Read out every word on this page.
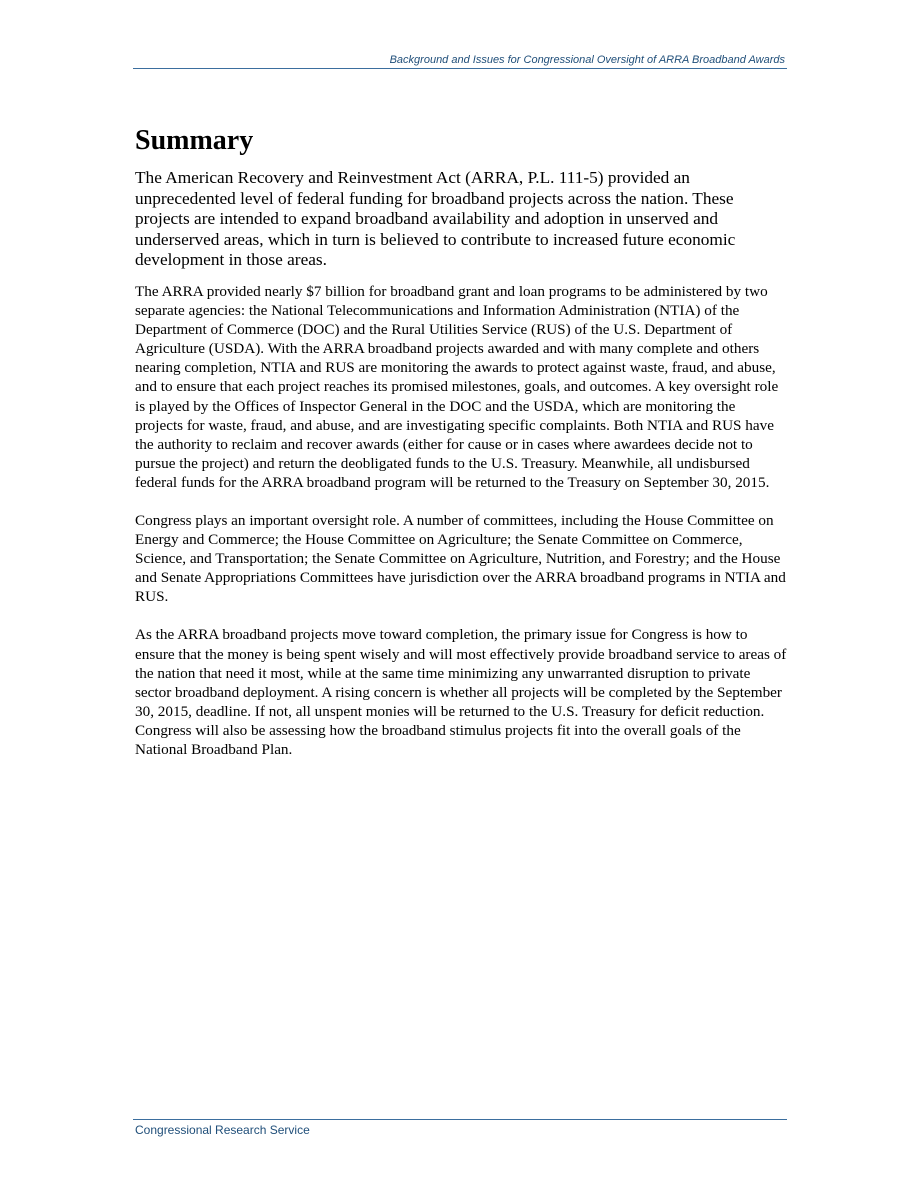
Background and Issues for Congressional Oversight of ARRA Broadband Awards
Summary

The American Recovery and Reinvestment Act (ARRA, P.L. 111-5) provided an unprecedented level of federal funding for broadband projects across the nation. These projects are intended to expand broadband availability and adoption in unserved and underserved areas, which in turn is believed to contribute to increased future economic development in those areas.

The ARRA provided nearly $7 billion for broadband grant and loan programs to be administered by two separate agencies: the National Telecommunications and Information Administration (NTIA) of the Department of Commerce (DOC) and the Rural Utilities Service (RUS) of the U.S. Department of Agriculture (USDA). With the ARRA broadband projects awarded and with many complete and others nearing completion, NTIA and RUS are monitoring the awards to protect against waste, fraud, and abuse, and to ensure that each project reaches its promised milestones, goals, and outcomes. A key oversight role is played by the Offices of Inspector General in the DOC and the USDA, which are monitoring the projects for waste, fraud, and abuse, and are investigating specific complaints. Both NTIA and RUS have the authority to reclaim and recover awards (either for cause or in cases where awardees decide not to pursue the project) and return the deobligated funds to the U.S. Treasury. Meanwhile, all undisbursed federal funds for the ARRA broadband program will be returned to the Treasury on September 30, 2015.

Congress plays an important oversight role. A number of committees, including the House Committee on Energy and Commerce; the House Committee on Agriculture; the Senate Committee on Commerce, Science, and Transportation; the Senate Committee on Agriculture, Nutrition, and Forestry; and the House and Senate Appropriations Committees have jurisdiction over the ARRA broadband programs in NTIA and RUS.

As the ARRA broadband projects move toward completion, the primary issue for Congress is how to ensure that the money is being spent wisely and will most effectively provide broadband service to areas of the nation that need it most, while at the same time minimizing any unwarranted disruption to private sector broadband deployment. A rising concern is whether all projects will be completed by the September 30, 2015, deadline. If not, all unspent monies will be returned to the U.S. Treasury for deficit reduction. Congress will also be assessing how the broadband stimulus projects fit into the overall goals of the National Broadband Plan.

Congressional Research Service
